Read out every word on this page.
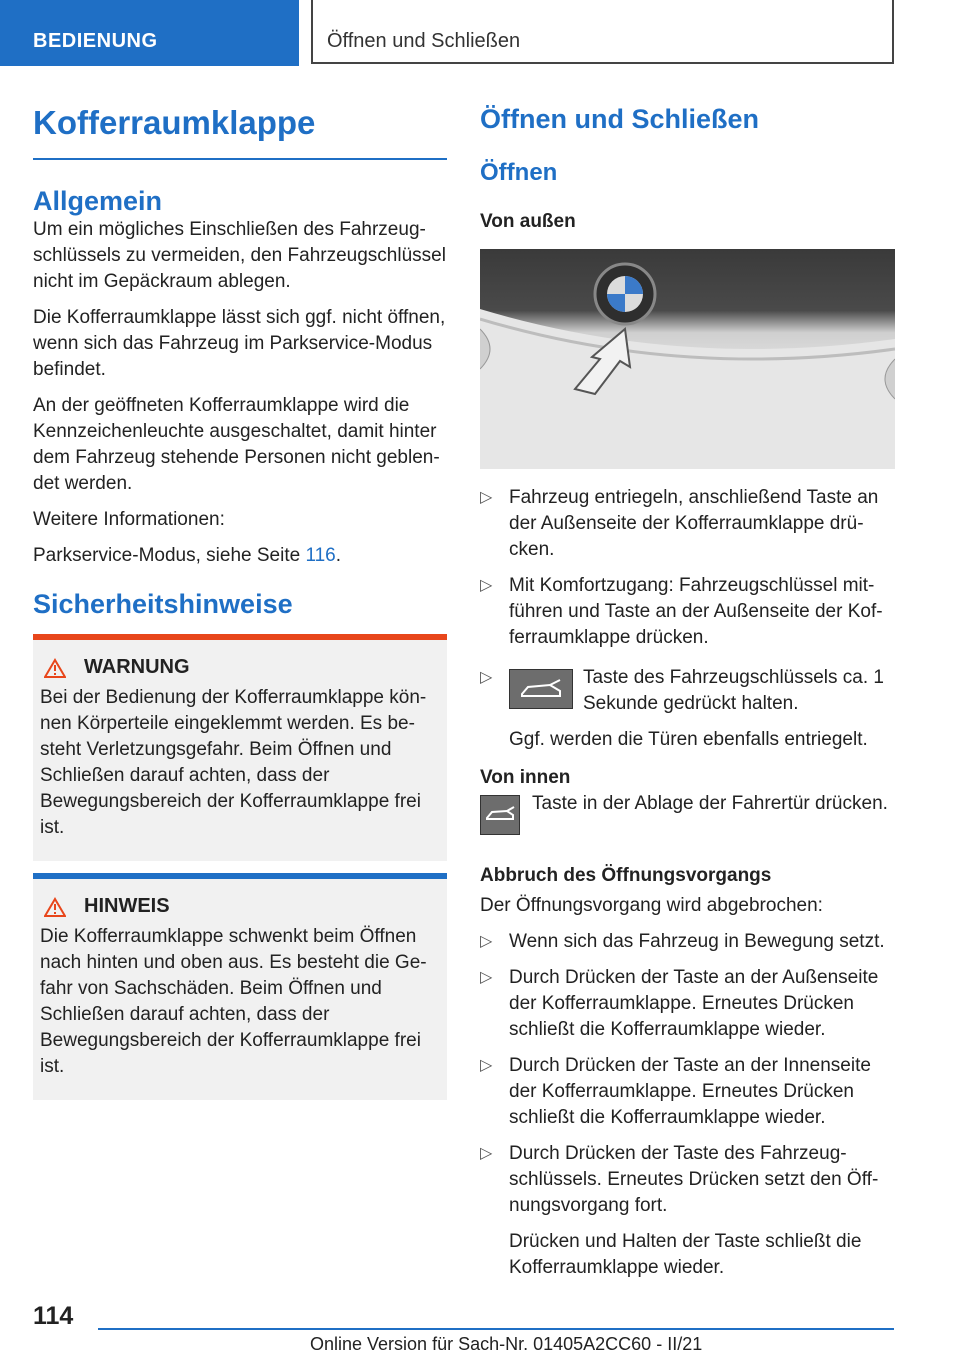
BEDIENUNG	Öffnen und Schließen
Kofferraumklappe
Allgemein

Um ein mögliches Einschließen des Fahrzeugschlüssels zu vermeiden, den Fahrzeugschlüssel nicht im Gepäckraum ablegen.

Die Kofferraumklappe lässt sich ggf. nicht öffnen, wenn sich das Fahrzeug im Parkservice-Modus befindet.

An der geöffneten Kofferraumklappe wird die Kennzeichenleuchte ausgeschaltet, damit hinter dem Fahrzeug stehende Personen nicht geblendet werden.

Weitere Informationen:

Parkservice-Modus, siehe Seite 116.

Sicherheitshinweise
WARNUNG

Bei der Bedienung der Kofferraumklappe können Körperteile eingeklemmt werden. Es besteht Verletzungsgefahr. Beim Öffnen und Schließen darauf achten, dass der Bewegungsbereich der Kofferraumklappe frei ist.

HINWEIS

Die Kofferraumklappe schwenkt beim Öffnen nach hinten und oben aus. Es besteht die Gefahr von Sachschäden. Beim Öffnen und Schließen darauf achten, dass der Bewegungsbereich der Kofferraumklappe frei ist.

Öffnen und Schließen
Öffnen
Von außen
▷ Fahrzeug entriegeln, anschließend Taste an der Außenseite der Kofferraumklappe drücken.
▷ Mit Komfortzugang: Fahrzeugschlüssel mitführen und Taste an der Außenseite der Kofferraumklappe drücken.
▷	Taste des Fahrzeugschlüssels ca. 1 Sekunde gedrückt halten.

Ggf. werden die Türen ebenfalls entriegelt.

Von innen

Taste in der Ablage der Fahrertür drücken.

Abbruch des Öffnungsvorgangs

Der Öffnungsvorgang wird abgebrochen:

▷ Wenn sich das Fahrzeug in Bewegung setzt.
▷ Durch Drücken der Taste an der Außenseite der Kofferraumklappe. Erneutes Drücken schließt die Kofferraumklappe wieder.
▷ Durch Drücken der Taste an der Innenseite der Kofferraumklappe. Erneutes Drücken schließt die Kofferraumklappe wieder.
▷ Durch Drücken der Taste des Fahrzeugschlüssels. Erneutes Drücken setzt den Öffnungsvorgang fort.

Drücken und Halten der Taste schließt die Kofferraumklappe wieder.

114
Online Version für Sach-Nr. 01405A2CC60 - II/21
